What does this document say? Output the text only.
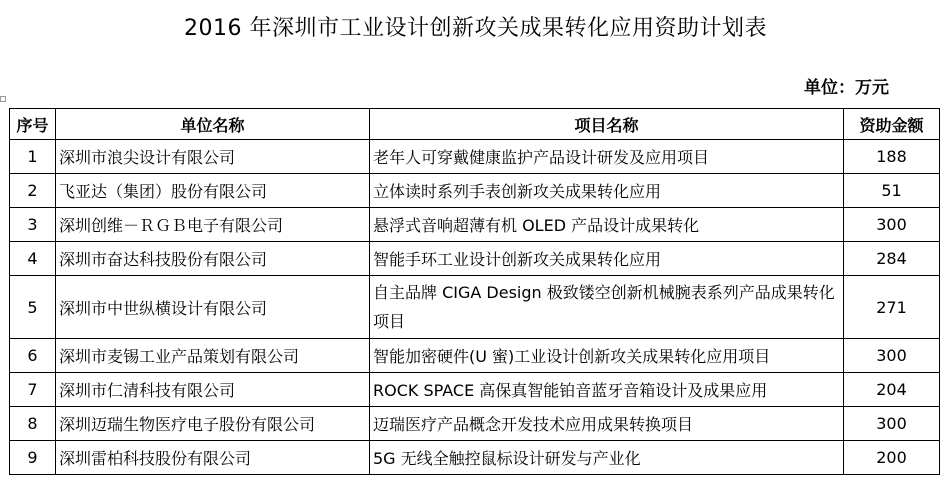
2016 年深圳市工业设计创新攻关成果转化应用资助计划表
单位：万元
序号	单位名称	项目名称	资助金额
1	深圳市浪尖设计有限公司	老年人可穿戴健康监护产品设计研发及应用项目	188
2	飞亚达（集团）股份有限公司	立体读时系列手表创新攻关成果转化应用	51
3	深圳创维－ＲＧＢ电子有限公司	悬浮式音响超薄有机 OLED 产品设计成果转化	300
4	深圳市奋达科技股份有限公司	智能手环工业设计创新攻关成果转化应用	284
5	深圳市中世纵横设计有限公司	自主品牌 CIGA Design 极致镂空创新机械腕表系列产品成果转化项目	271
6	深圳市麦锡工业产品策划有限公司	智能加密硬件(U 蜜)工业设计创新攻关成果转化应用项目	300
7	深圳市仁清科技有限公司	ROCK SPACE 高保真智能铂音蓝牙音箱设计及成果应用	204
8	深圳迈瑞生物医疗电子股份有限公司	迈瑞医疗产品概念开发技术应用成果转换项目	300
9	深圳雷柏科技股份有限公司	5G 无线全触控鼠标设计研发与产业化	200
